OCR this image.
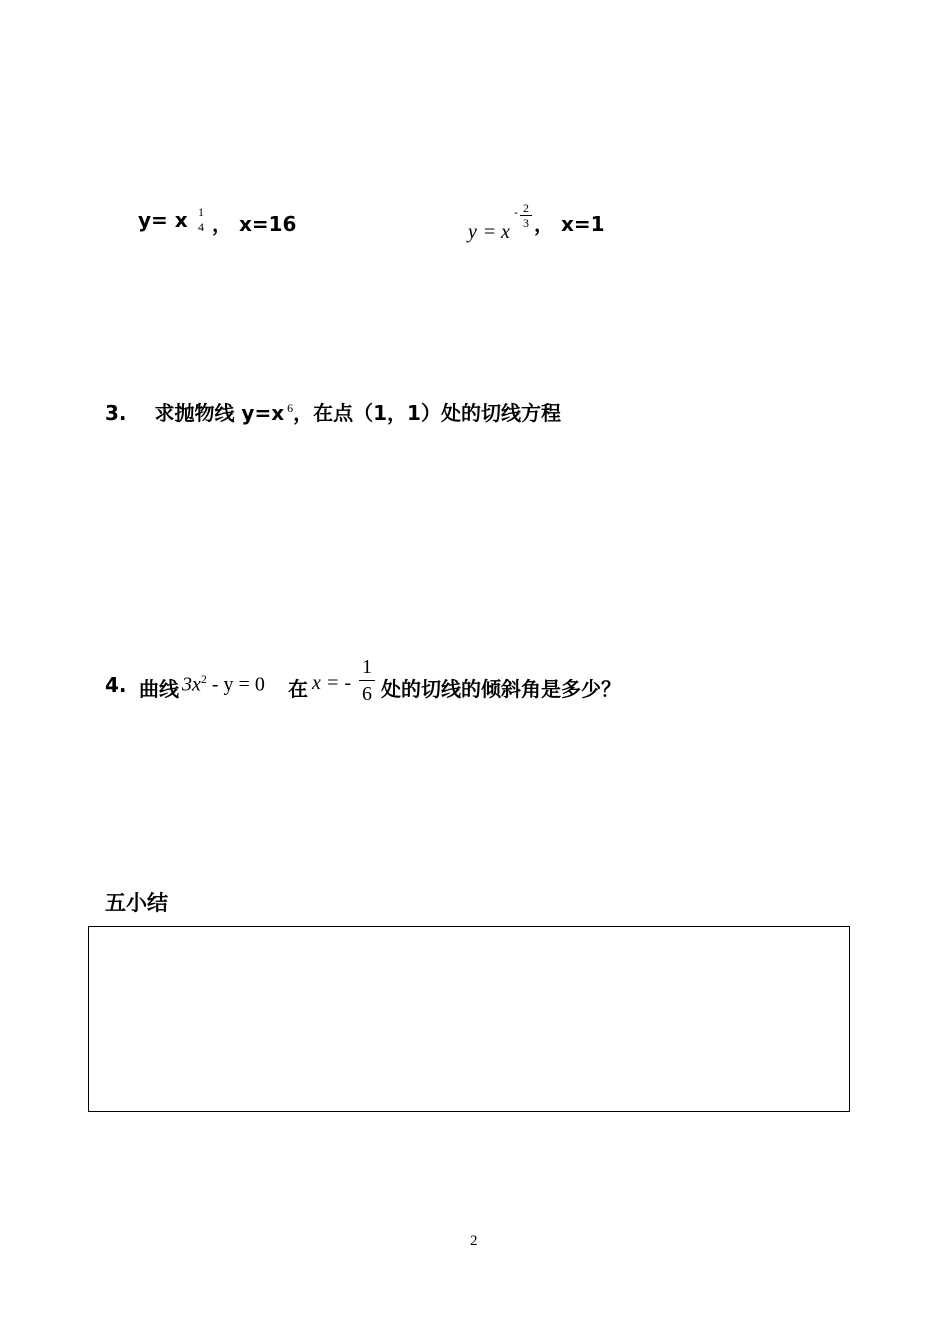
y= x 1
4 ， x=16	y = x
- 2
3 ， x=1
3. 求抛物线 y=x $^6$，在点（1，1）处的切线方程
4. 曲线 $3x^2 - y = 0$ 在 x = -
1
6 处的切线的倾斜角是多少？
五小结
2
